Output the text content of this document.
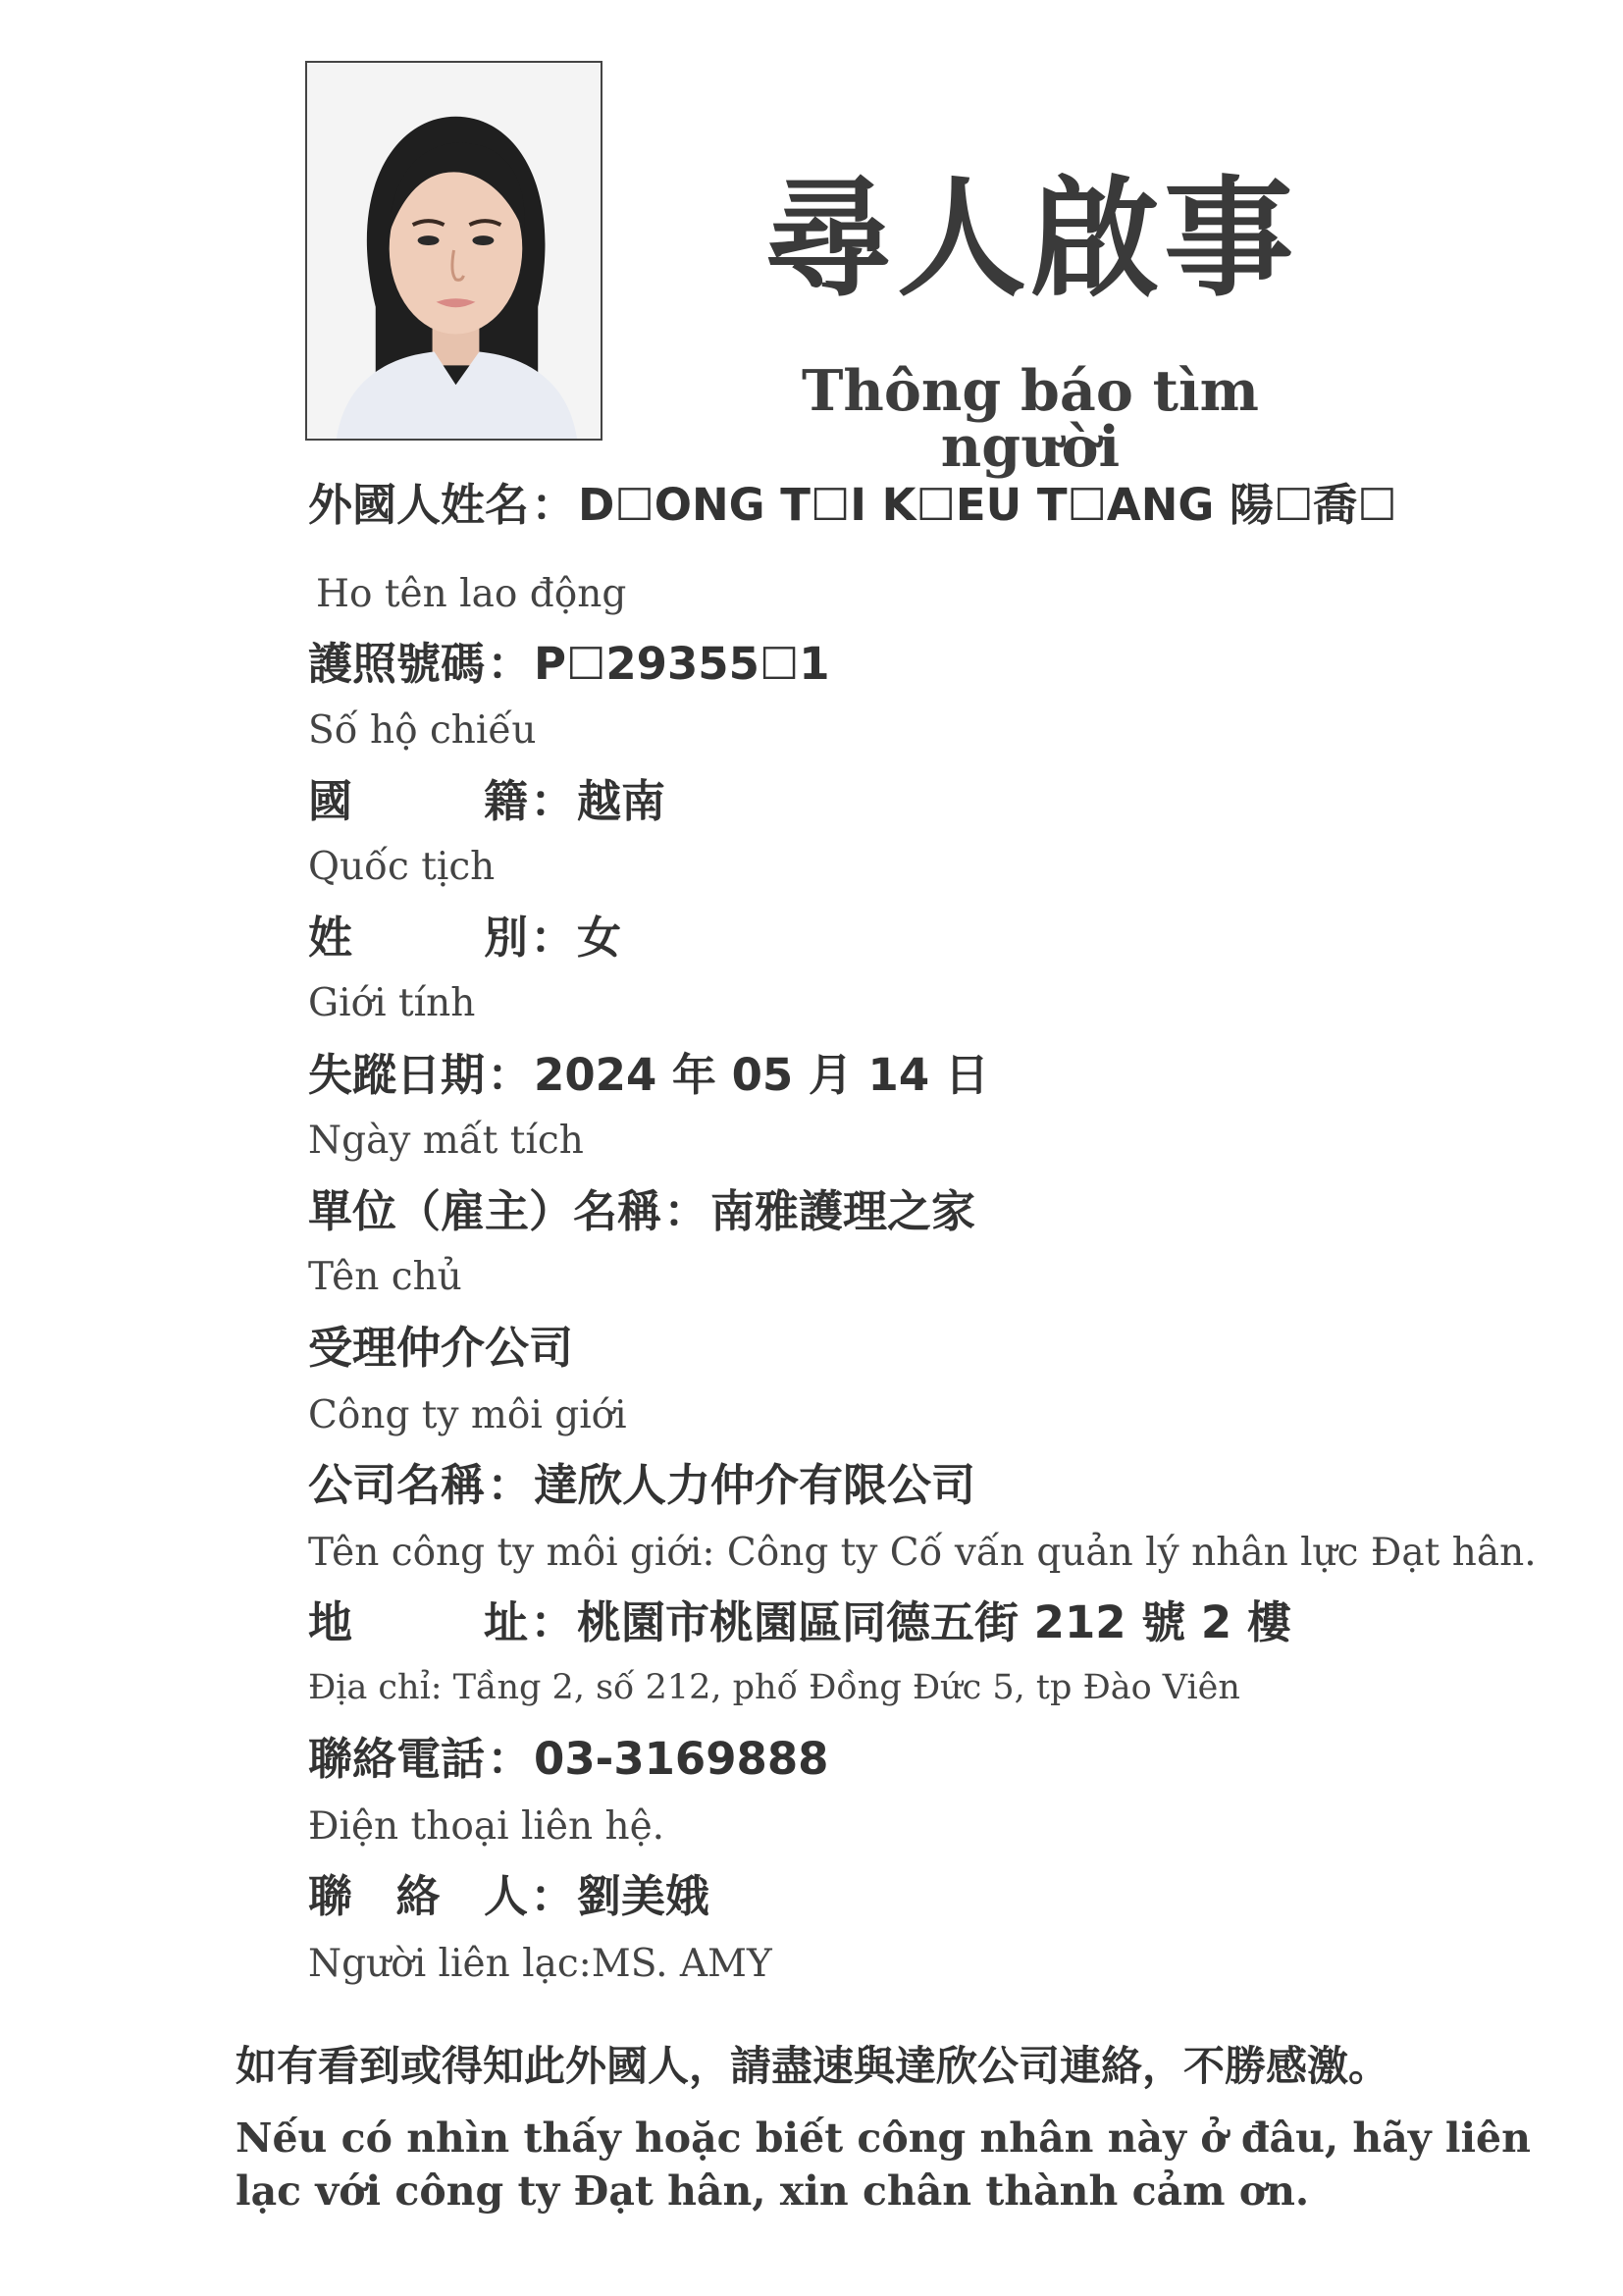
尋人啟事
Thông báo tìm người
外國人姓名：D☐ONG T☐I K☐EU T☐ANG 陽☐喬☐
Ho tên lao động
護照號碼：P☐29355☐1
Số hộ chiếu
國　　籍：越南
Quốc tịch
姓　　別：女
Giới tính
失蹤日期：2024 年 05 月 14 日
Ngày mất tích
單位（雇主）名稱：南雅護理之家
Tên chủ
受理仲介公司
Công ty môi giới
公司名稱：達欣人力仲介有限公司
Tên công ty môi giới: Công ty Cố vấn quản lý nhân lực Đạt hân.
地　　址：桃園市桃園區同德五街 212 號 2 樓
Địa chỉ: Tầng 2, số 212, phố Đồng Đức 5, tp Đào Viên
聯絡電話：03-3169888
Điện thoại liên hệ.
聯 絡 人：劉美娥
Người liên lạc:MS. AMY
如有看到或得知此外國人，請盡速與達欣公司連絡，不勝感激。
Nếu có nhìn thấy hoặc biết công nhân này ở đâu, hãy liên lạc với công ty Đạt hân, xin chân thành cảm ơn.
